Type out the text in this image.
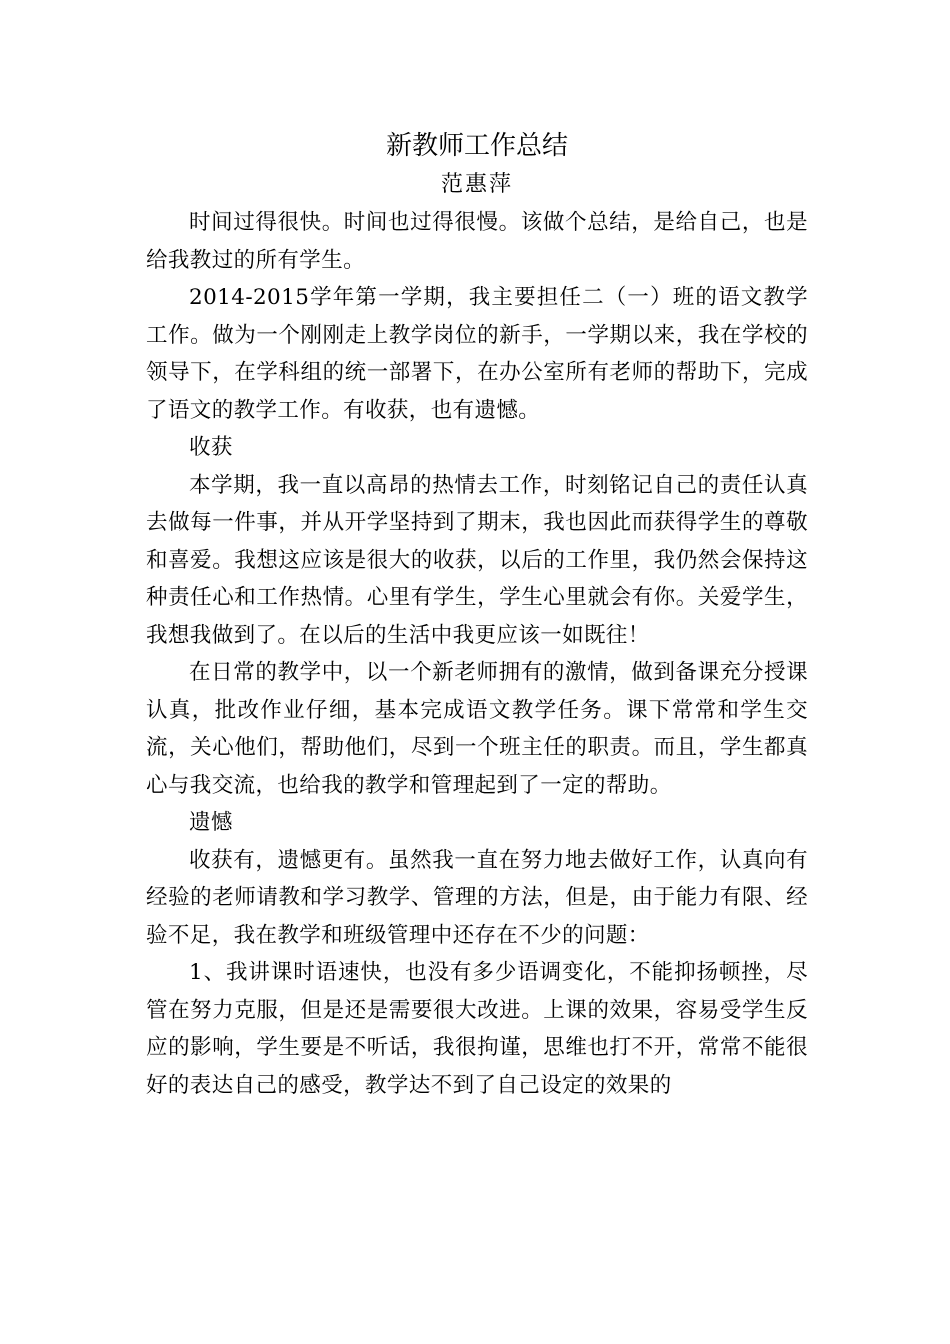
新教师工作总结
范惠萍

时间过得很快。时间也过得很慢。该做个总结，是给自己，也是给我教过的所有学生。

2014-2015学年第一学期，我主要担任二（一）班的语文教学工作。做为一个刚刚走上教学岗位的新手，一学期以来，我在学校的领导下，在学科组的统一部署下，在办公室所有老师的帮助下，完成了语文的教学工作。有收获，也有遗憾。

收获

本学期，我一直以高昂的热情去工作，时刻铭记自己的责任认真去做每一件事，并从开学坚持到了期末，我也因此而获得学生的尊敬和喜爱。我想这应该是很大的收获，以后的工作里，我仍然会保持这种责任心和工作热情。心里有学生，学生心里就会有你。关爱学生，我想我做到了。在以后的生活中我更应该一如既往！

在日常的教学中，以一个新老师拥有的激情，做到备课充分授课认真，批改作业仔细，基本完成语文教学任务。课下常常和学生交流，关心他们，帮助他们，尽到一个班主任的职责。而且，学生都真心与我交流，也给我的教学和管理起到了一定的帮助。

遗憾

收获有，遗憾更有。虽然我一直在努力地去做好工作，认真向有经验的老师请教和学习教学、管理的方法，但是，由于能力有限、经验不足，我在教学和班级管理中还存在不少的问题：

1、我讲课时语速快，也没有多少语调变化，不能抑扬顿挫，尽管在努力克服，但是还是需要很大改进。上课的效果，容易受学生反应的影响，学生要是不听话，我很拘谨，思维也打不开，常常不能很好的表达自己的感受，教学达不到了自己设定的效果的
